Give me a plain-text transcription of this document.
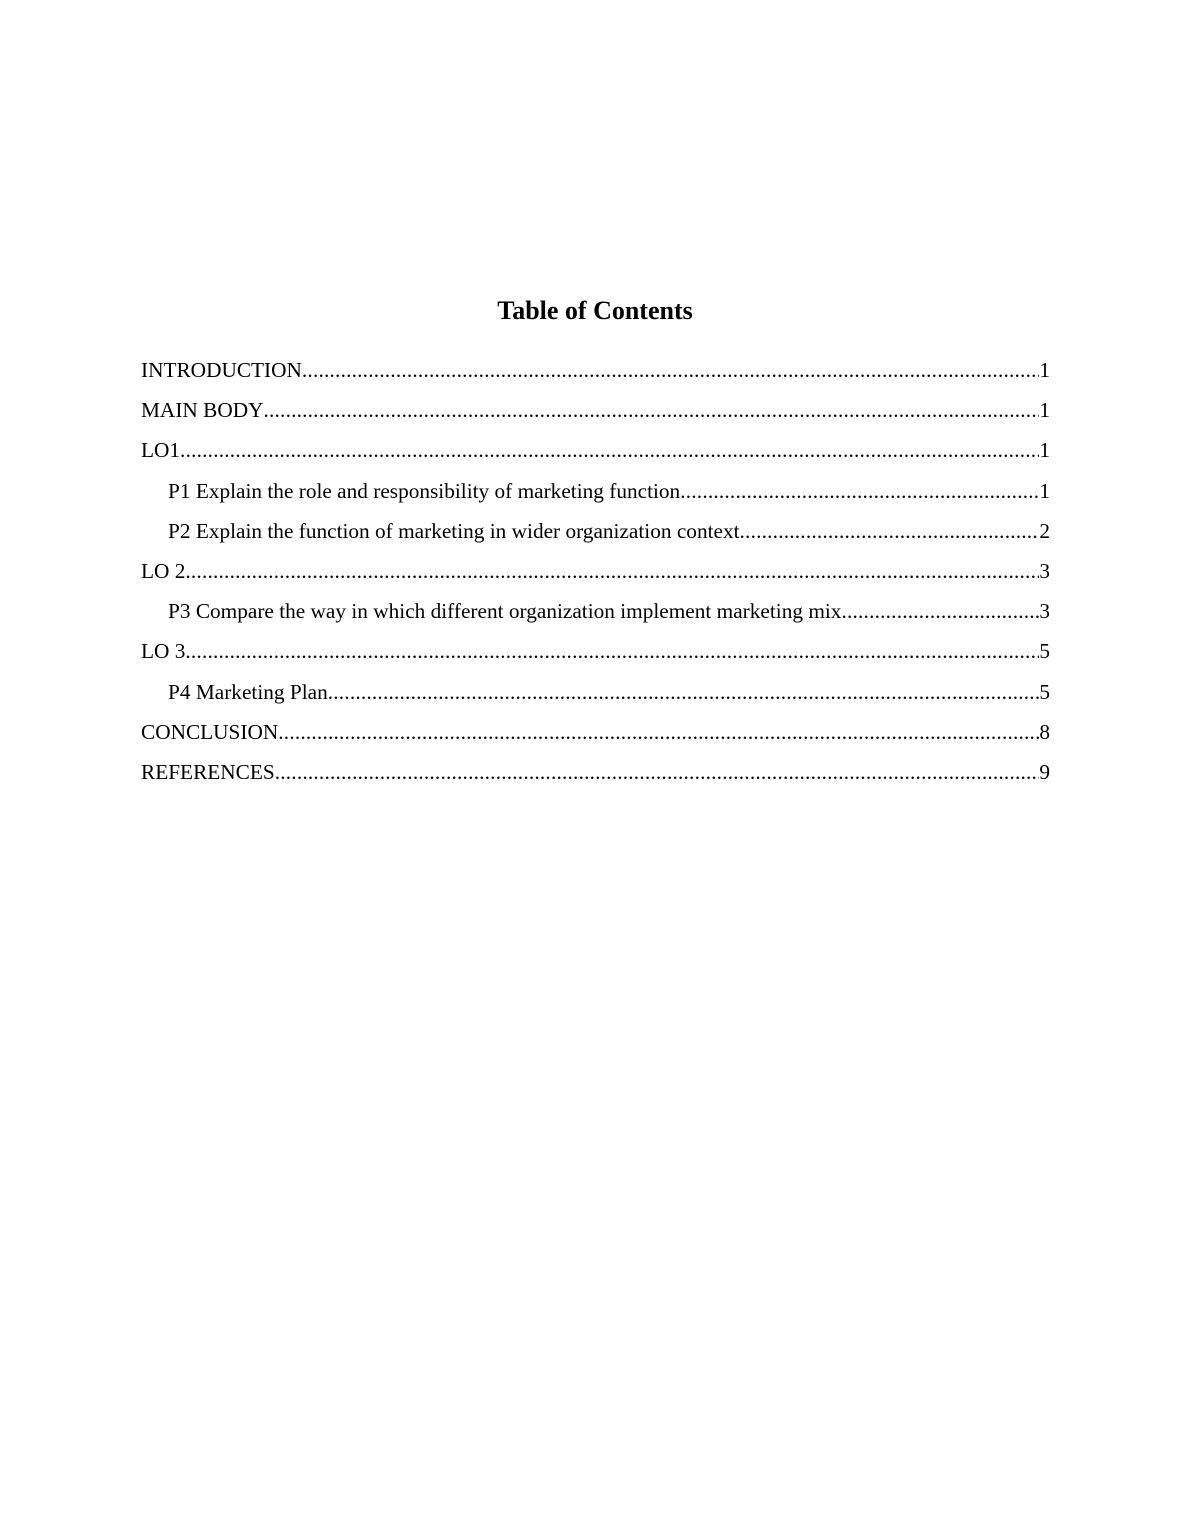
Table of Contents
INTRODUCTION .....	1
MAIN BODY .....	1
LO1 .....	1
P1 Explain the role and responsibility of marketing function .....	1
P2 Explain the function of marketing in wider organization context .....	2
LO 2 .....	3
P3 Compare the way in which different organization implement marketing mix .....	3
LO 3 .....	5
P4 Marketing Plan .....	5
CONCLUSION .....	8
REFERENCES .....	9
